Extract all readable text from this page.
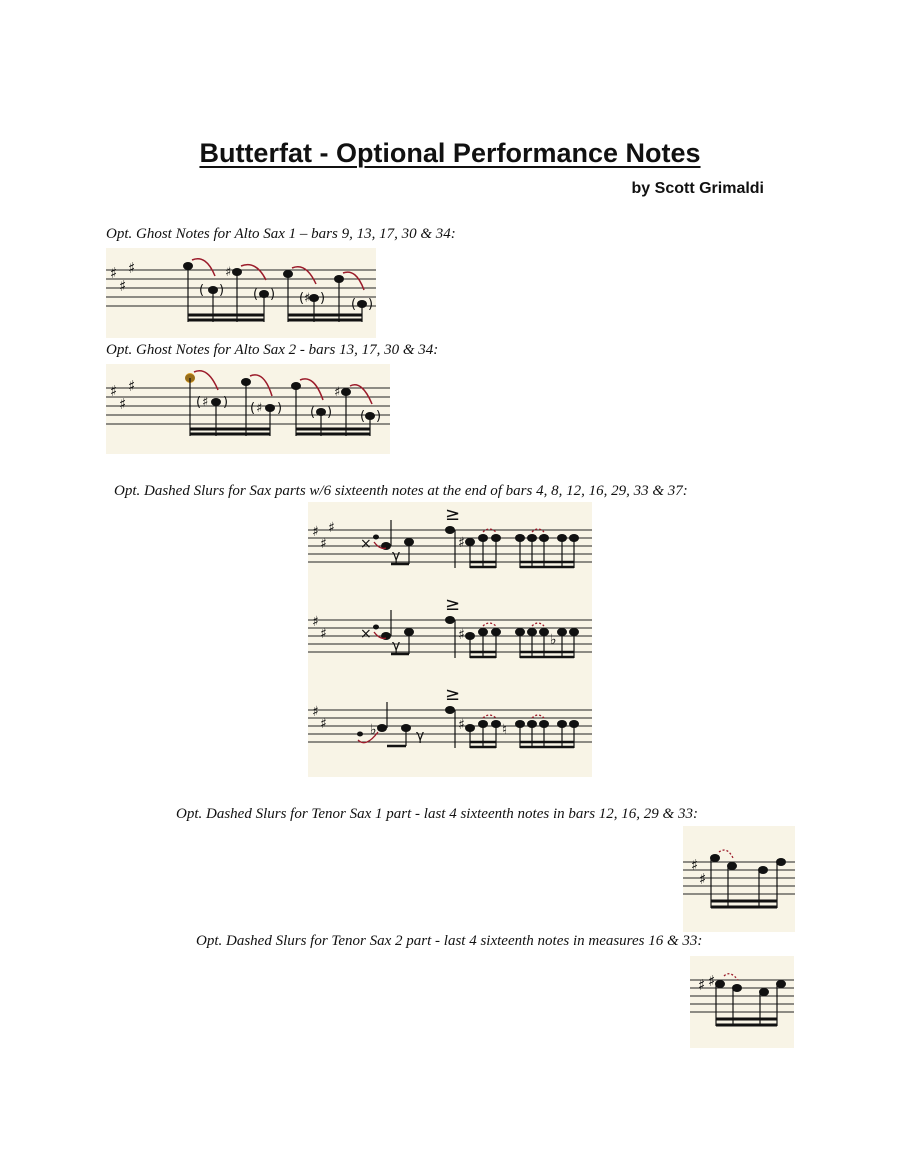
Butterfat - Optional Performance Notes
by Scott Grimaldi
Opt. Ghost Notes for Alto Sax 1 – bars 9, 13, 17, 30 & 34:
♯
♯
♯
( )
♯
( ) ( ♯ ) ( )
Opt. Ghost Notes for Alto Sax 2 - bars 13, 17, 30 & 34:
♯
♯
♯
( ♯ ) ( ♯ ) ( )
♯
( )
Opt. Dashed Slurs for Sax parts w/6 sixteenth notes at the end of bars 4, 8, 12, 16, 29, 33 & 37:
♯
♯
♯
×
γ
≥
♯
♯
♯ ×
γ
≥
♯	♭
♯
♯	♭	γ
≥
♯	♮
Opt. Dashed Slurs for Tenor Sax 1 part - last 4 sixteenth notes in bars 12, 16, 29 & 33:
♯
♯
Opt. Dashed Slurs for Tenor Sax 2 part - last 4 sixteenth notes in measures 16 & 33:
♯ ♯
